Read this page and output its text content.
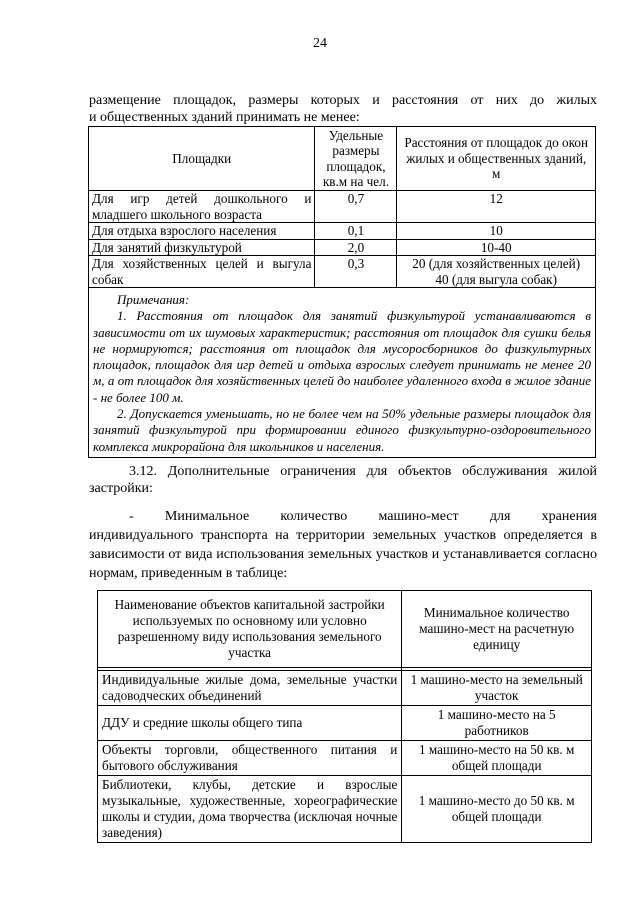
24
размещение площадок, размеры которых и расстояния от них до жилых
и общественных зданий принимать не менее:
Площадки	Удельные размеры площадок, кв.м на чел.	Расстояния от площадок до окон жилых и общественных зданий, м
Для игр детей дошкольного и младшего школьного возраста	0,7	12
Для отдыха взрослого населения	0,1	10
Для занятий физкультурой	2,0	10-40
Для хозяйственных целей и выгула собак	0,3	20 (для хозяйственных целей)
40 (для выгула собак)

Примечания:

1. Расстояния от площадок для занятий физкультурой устанавливаются в зависимости от их шумовых характеристик; расстояния от площадок для сушки белья не нормируются; расстояния от площадок для мусоросборников до физкультурных площадок, площадок для игр детей и отдыха взрослых следует принимать не менее 20 м, а от площадок для хозяйственных целей до наиболее удаленного входа в жилое здание - не более 100 м.

2. Допускается уменьшать, но не более чем на 50% удельные размеры площадок для занятий физкультурой при формировании единого физкультурно-оздоровительного комплекса микрорайона для школьников и населения.		

3.12. Дополнительные ограничения для объектов обслуживания жилой

застройки:

- Минимальное количество машино-мест для хранения

индивидуального транспорта на территории земельных участков определяется в зависимости от вида использования земельных участков и устанавливается согласно нормам, приведенным в таблице:

Наименование объектов капитальной застройки используемых по основному или условно разрешенному виду использования земельного участка	Минимальное количество машино-мест на расчетную единицу

Индивидуальные жилые дома, земельные участки садоводческих объединений	1 машино-место на земельный участок
ДДУ и средние школы общего типа	1 машино-место на 5 работников
Объекты торговли, общественного питания и бытового обслуживания	1 машино-место на 50 кв. м общей площади
Библиотеки, клубы, детские и взрослые музыкальные, художественные, хореографические школы и студии, дома творчества (исключая ночные заведения)	1 машино-место до 50 кв. м общей площади
